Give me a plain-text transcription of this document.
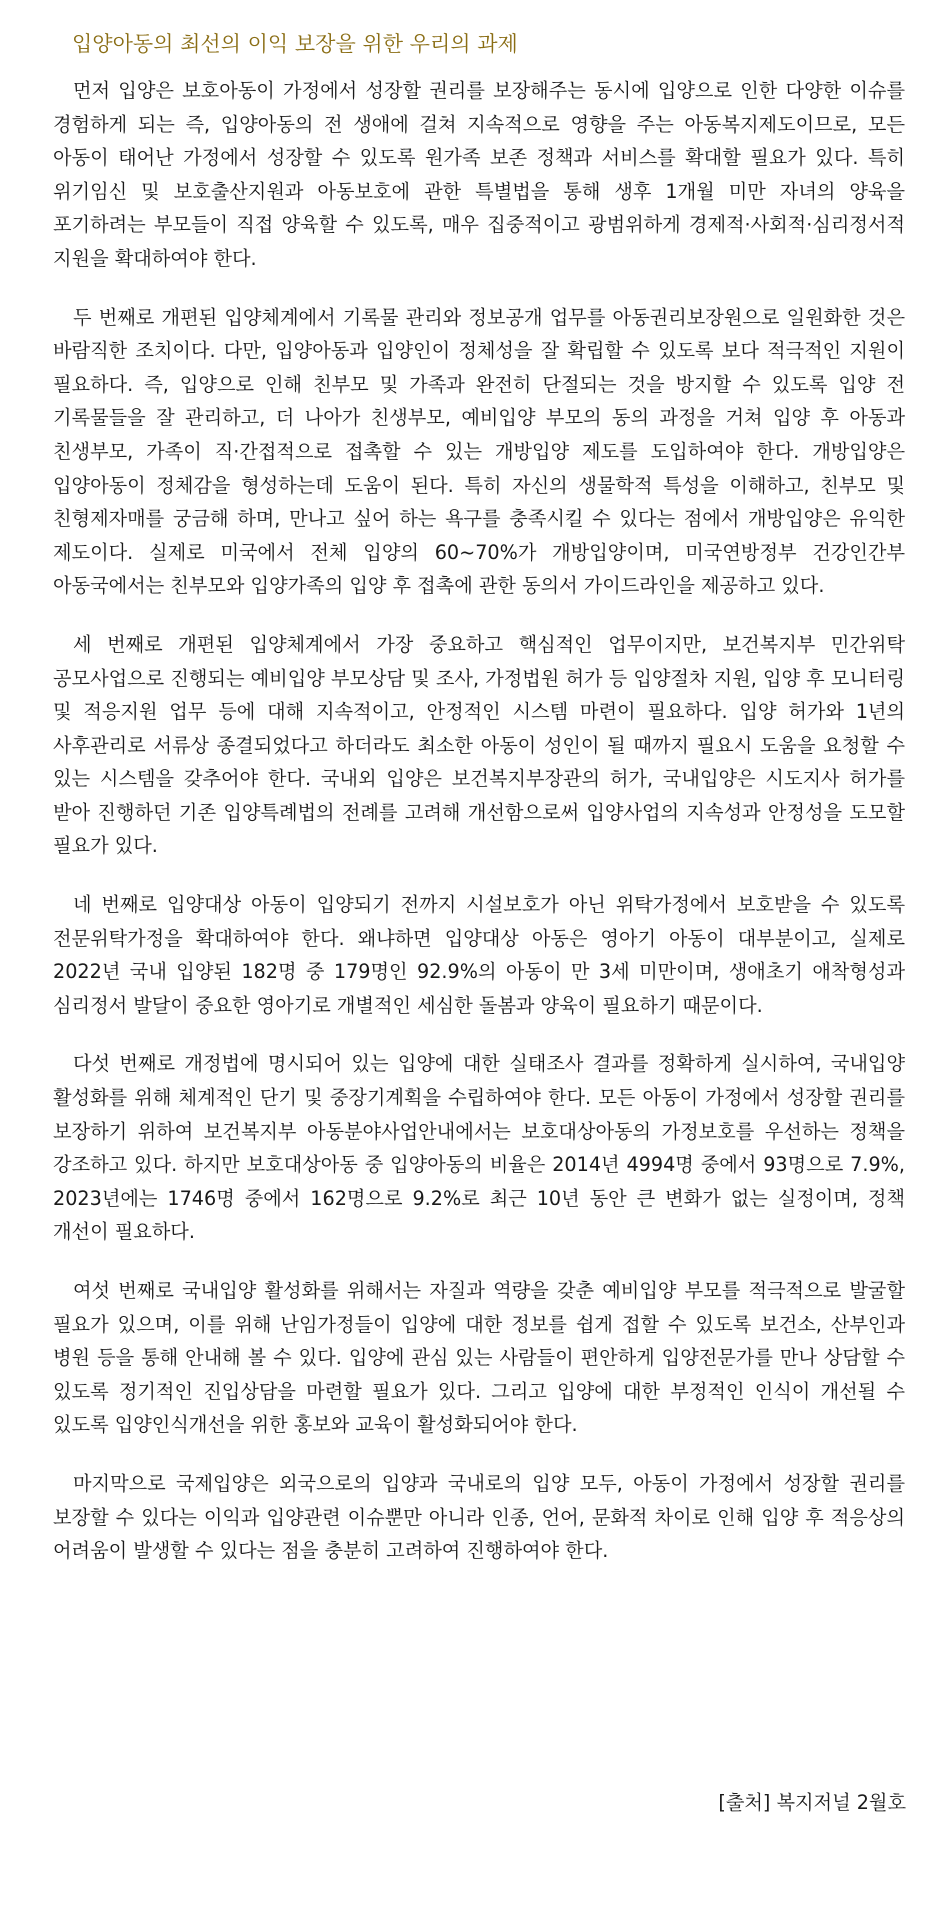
입양아동의 최선의 이익 보장을 위한 우리의 과제

먼저 입양은 보호아동이 가정에서 성장할 권리를 보장해주는 동시에 입양으로 인한 다양한 이슈를 경험하게 되는 즉, 입양아동의 전 생애에 걸쳐 지속적으로 영향을 주는 아동복지제도이므로, 모든 아동이 태어난 가정에서 성장할 수 있도록 원가족 보존 정책과 서비스를 확대할 필요가 있다. 특히 위기임신 및 보호출산지원과 아동보호에 관한 특별법을 통해 생후 1개월 미만 자녀의 양육을 포기하려는 부모들이 직접 양육할 수 있도록, 매우 집중적이고 광범위하게 경제적·사회적·심리정서적 지원을 확대하여야 한다.

두 번째로 개편된 입양체계에서 기록물 관리와 정보공개 업무를 아동권리보장원으로 일원화한 것은 바람직한 조치이다. 다만, 입양아동과 입양인이 정체성을 잘 확립할 수 있도록 보다 적극적인 지원이 필요하다. 즉, 입양으로 인해 친부모 및 가족과 완전히 단절되는 것을 방지할 수 있도록 입양 전 기록물들을 잘 관리하고, 더 나아가 친생부모, 예비입양 부모의 동의 과정을 거쳐 입양 후 아동과 친생부모, 가족이 직·간접적으로 접촉할 수 있는 개방입양 제도를 도입하여야 한다. 개방입양은 입양아동이 정체감을 형성하는데 도움이 된다. 특히 자신의 생물학적 특성을 이해하고, 친부모 및 친형제자매를 궁금해 하며, 만나고 싶어 하는 욕구를 충족시킬 수 있다는 점에서 개방입양은 유익한 제도이다. 실제로 미국에서 전체 입양의 60~70%가 개방입양이며, 미국연방정부 건강인간부 아동국에서는 친부모와 입양가족의 입양 후 접촉에 관한 동의서 가이드라인을 제공하고 있다.

세 번째로 개편된 입양체계에서 가장 중요하고 핵심적인 업무이지만, 보건복지부 민간위탁 공모사업으로 진행되는 예비입양 부모상담 및 조사, 가정법원 허가 등 입양절차 지원, 입양 후 모니터링 및 적응지원 업무 등에 대해 지속적이고, 안정적인 시스템 마련이 필요하다. 입양 허가와 1년의 사후관리로 서류상 종결되었다고 하더라도 최소한 아동이 성인이 될 때까지 필요시 도움을 요청할 수 있는 시스템을 갖추어야 한다. 국내외 입양은 보건복지부장관의 허가, 국내입양은 시도지사 허가를 받아 진행하던 기존 입양특례법의 전례를 고려해 개선함으로써 입양사업의 지속성과 안정성을 도모할 필요가 있다.

네 번째로 입양대상 아동이 입양되기 전까지 시설보호가 아닌 위탁가정에서 보호받을 수 있도록 전문위탁가정을 확대하여야 한다. 왜냐하면 입양대상 아동은 영아기 아동이 대부분이고, 실제로 2022년 국내 입양된 182명 중 179명인 92.9%의 아동이 만 3세 미만이며, 생애초기 애착형성과 심리정서 발달이 중요한 영아기로 개별적인 세심한 돌봄과 양육이 필요하기 때문이다.

다섯 번째로 개정법에 명시되어 있는 입양에 대한 실태조사 결과를 정확하게 실시하여, 국내입양 활성화를 위해 체계적인 단기 및 중장기계획을 수립하여야 한다. 모든 아동이 가정에서 성장할 권리를 보장하기 위하여 보건복지부 아동분야사업안내에서는 보호대상아동의 가정보호를 우선하는 정책을 강조하고 있다. 하지만 보호대상아동 중 입양아동의 비율은 2014년 4994명 중에서 93명으로 7.9%, 2023년에는 1746명 중에서 162명으로 9.2%로 최근 10년 동안 큰 변화가 없는 실정이며, 정책 개선이 필요하다.

여섯 번째로 국내입양 활성화를 위해서는 자질과 역량을 갖춘 예비입양 부모를 적극적으로 발굴할 필요가 있으며, 이를 위해 난임가정들이 입양에 대한 정보를 쉽게 접할 수 있도록 보건소, 산부인과 병원 등을 통해 안내해 볼 수 있다. 입양에 관심 있는 사람들이 편안하게 입양전문가를 만나 상담할 수 있도록 정기적인 진입상담을 마련할 필요가 있다. 그리고 입양에 대한 부정적인 인식이 개선될 수 있도록 입양인식개선을 위한 홍보와 교육이 활성화되어야 한다.

마지막으로 국제입양은 외국으로의 입양과 국내로의 입양 모두, 아동이 가정에서 성장할 권리를 보장할 수 있다는 이익과 입양관련 이슈뿐만 아니라 인종, 언어, 문화적 차이로 인해 입양 후 적응상의 어려움이 발생할 수 있다는 점을 충분히 고려하여 진행하여야 한다.

[출처] 복지저널 2월호
